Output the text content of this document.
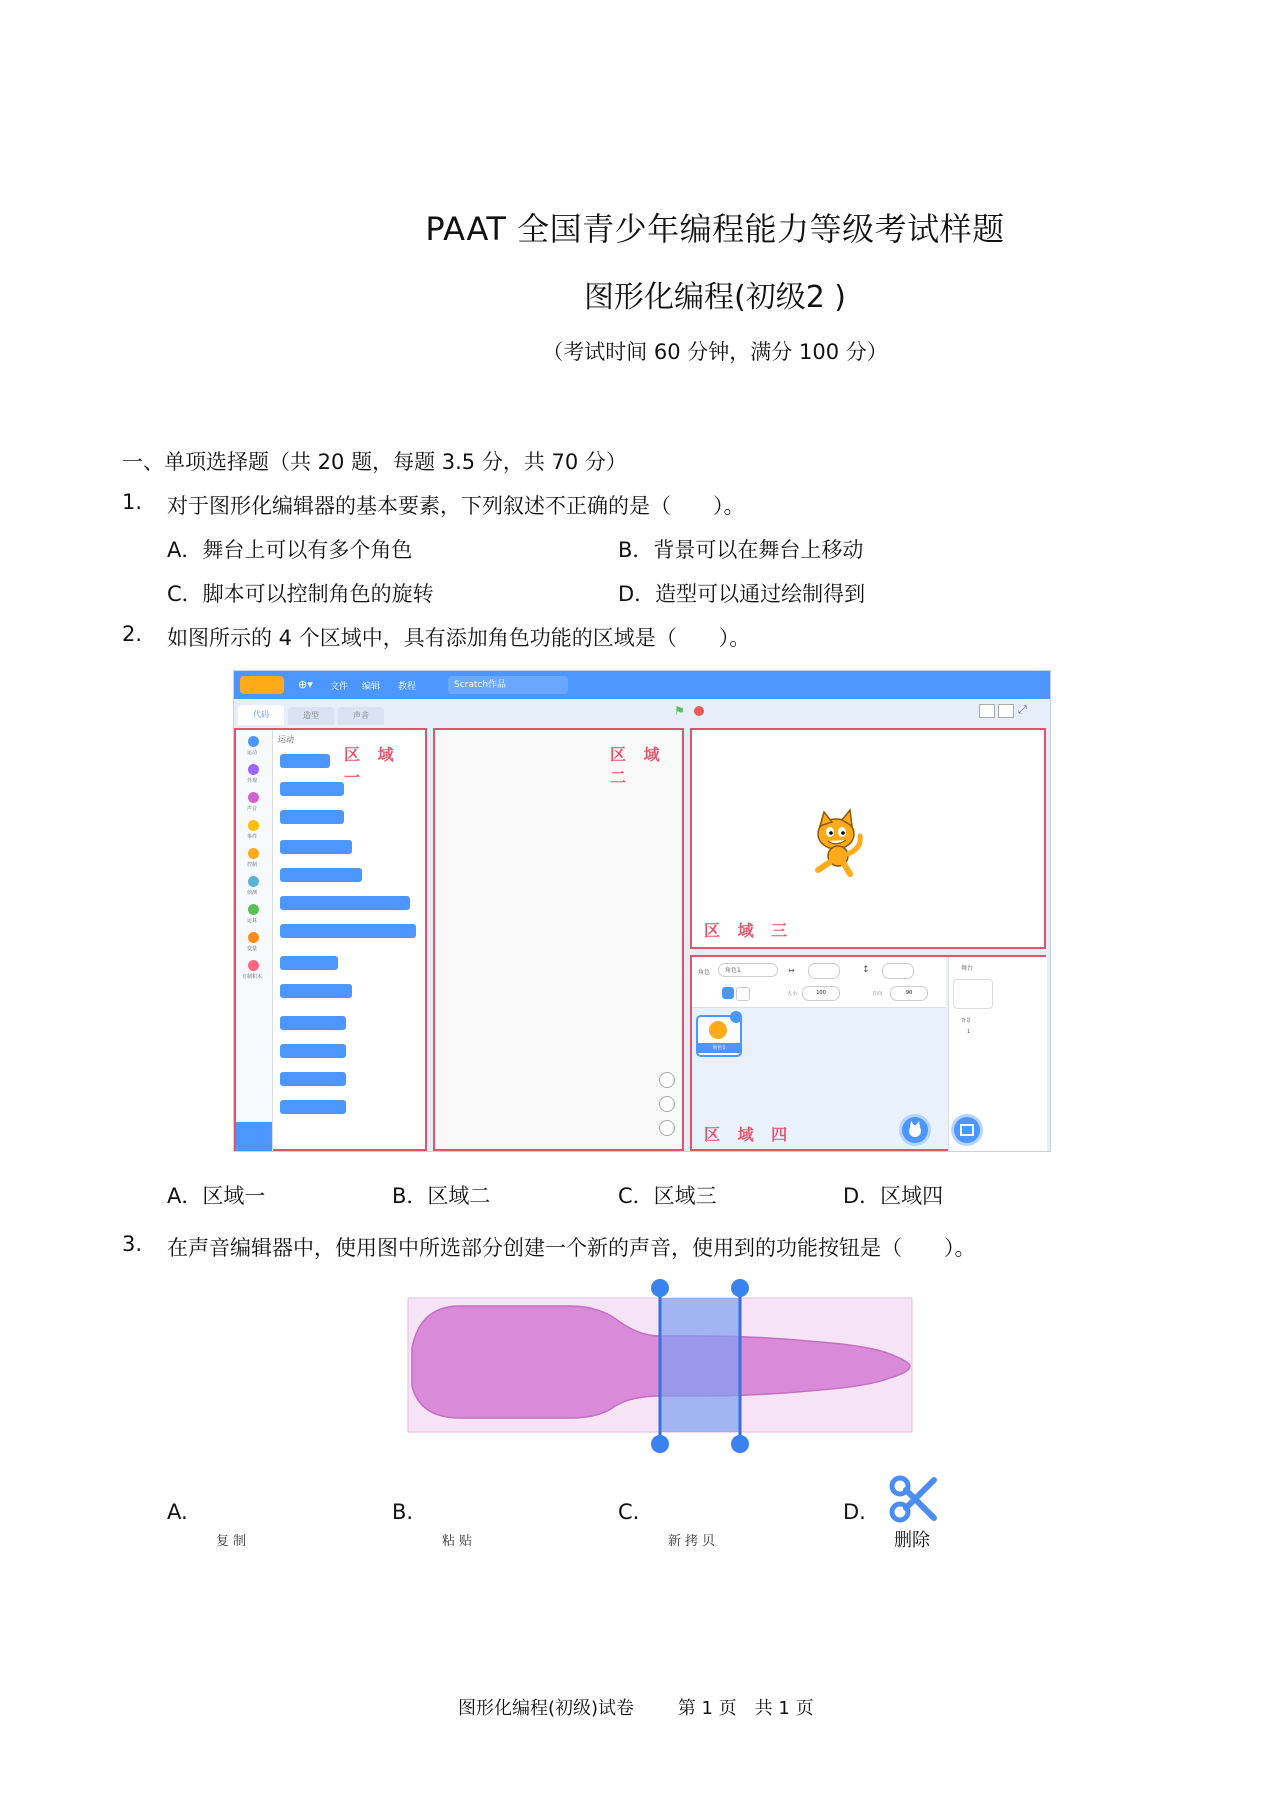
PAAT 全国青少年编程能力等级考试样题
图形化编程(初级2 )
（考试时间 60 分钟，满分 100 分）
一、单项选择题（共 20 题，每题 3.5 分，共 70 分）
1. 对于图形化编辑器的基本要素，下列叙述不正确的是（　　）。
A．舞台上可以有多个角色	B．背景可以在舞台上移动
C．脚本可以控制角色的旋转	D．造型可以通过绘制得到
2. 如图所示的 4 个区域中，具有添加角色功能的区域是（　　）。
⊕▾ 文件 编辑 教程	Scratch作品
代码	造型	声音	⚑	⤢
运动
外观
声音
事件
控制
侦测
运算
变量
自制积木
运动
区 域 一
区 域 二
区 域 三
角色	角色1	↔	↕
大小	100	方向	90
角色1
舞台
背景
1
区 域 四
A．区域一	B．区域二	C．区域三	D．区域四
3. 在声音编辑器中，使用图中所选部分创建一个新的声音，使用到的功能按钮是（　　）。
A.
复制
B.
粘贴
C.
新拷贝
D.
删除
图形化编程(初级)试卷 第 1 页　共 1 页
